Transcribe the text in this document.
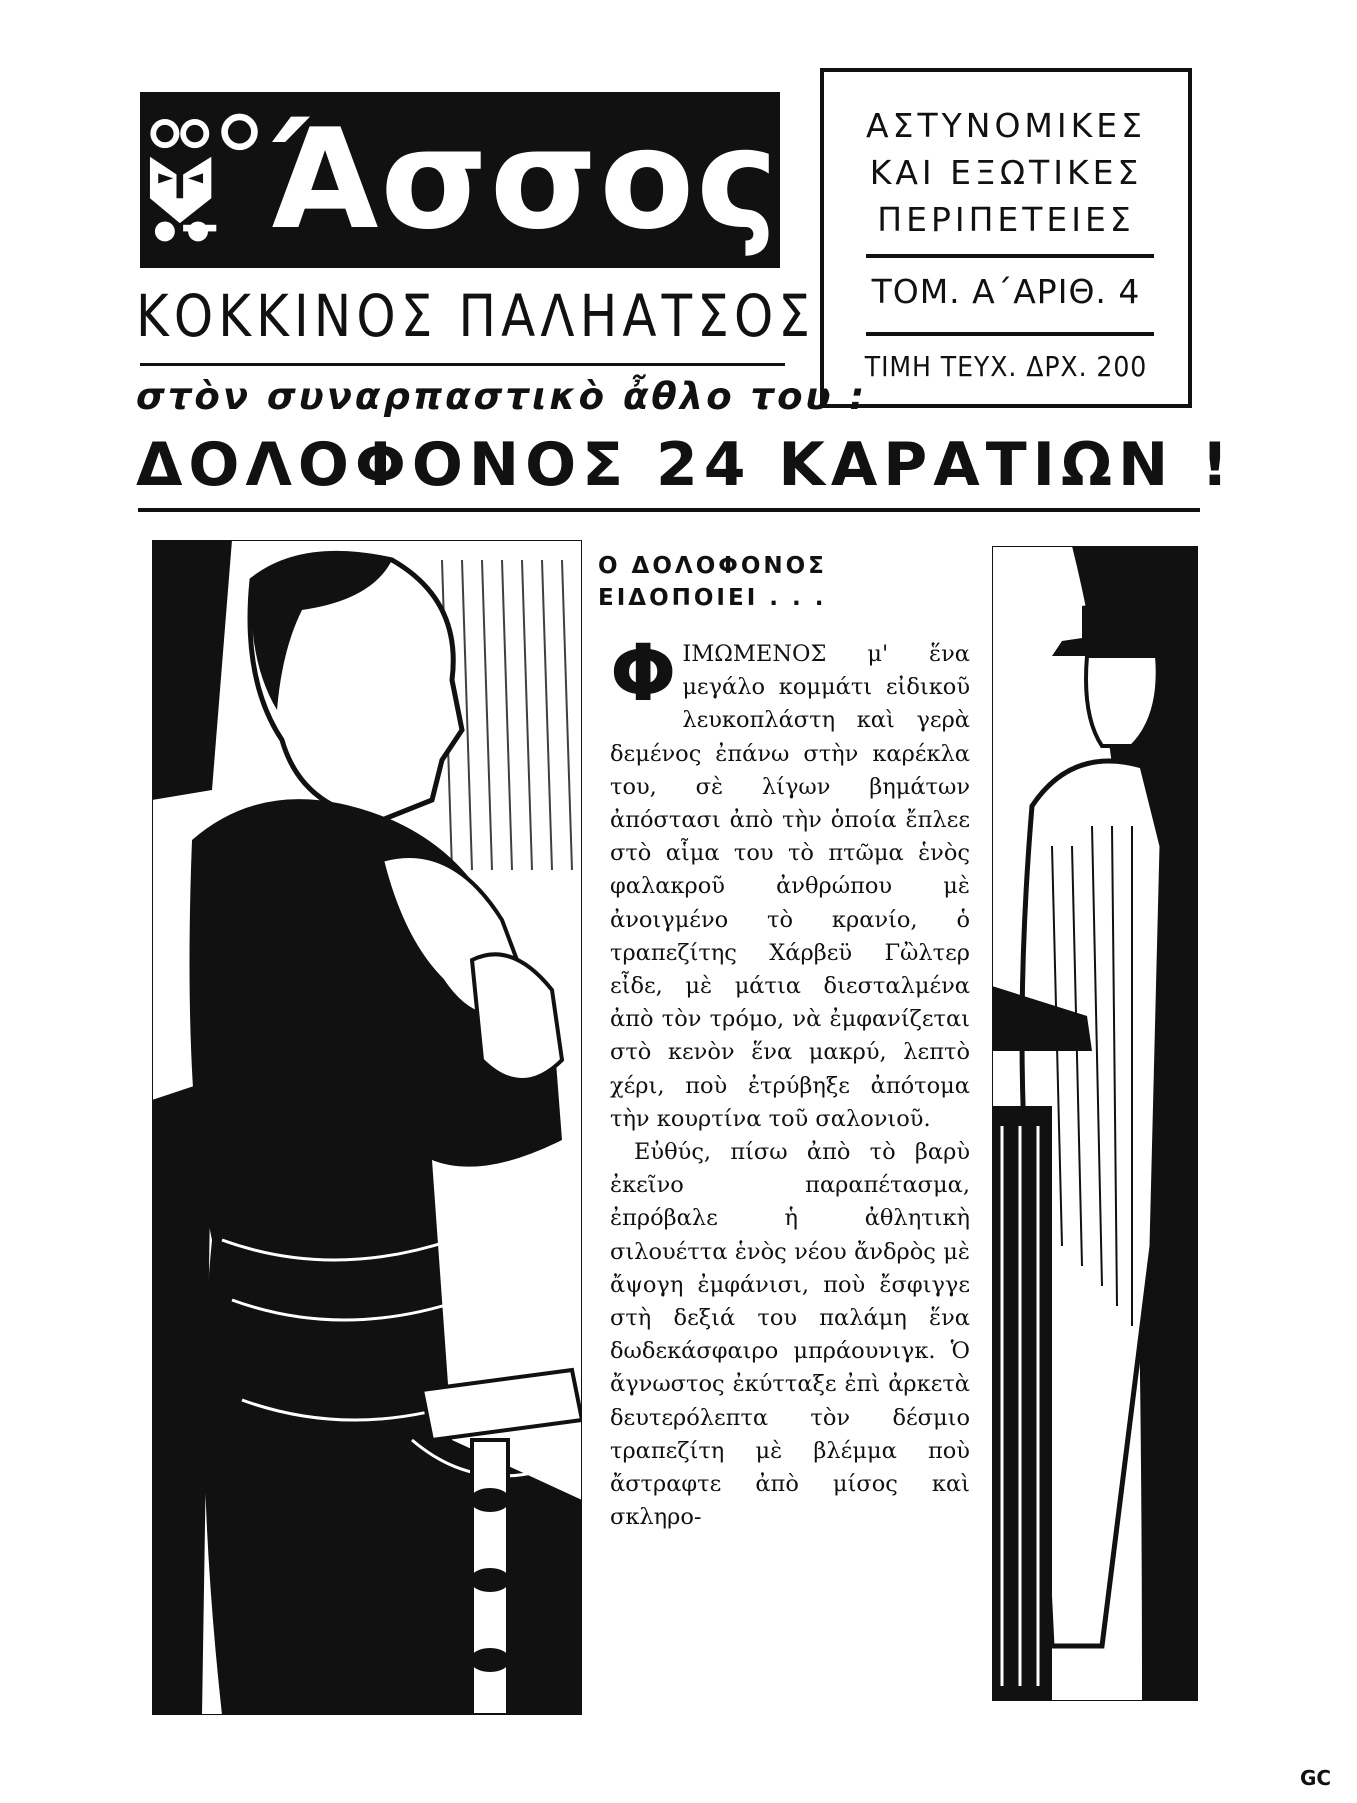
Άσσος
ΚΟΚΚΙΝΟΣ ΠΑΛΗΑΤΣΟΣ
στὸν συναρπαστικὸ ἆθλο του :
ΑΣΤΥΝΟΜΙΚΕΣ
ΚΑΙ ΕΞΩΤΙΚΕΣ
ΠΕΡΙΠΕΤΕΙΕΣ
ΤΟΜ. Α΄ΑΡΙΘ. 4
ΤΙΜΗ ΤΕΥΧ. ΔΡΧ. 200
ΔΟΛΟΦΟΝΟΣ 24 ΚΑΡΑΤΙΩΝ !
Ο ΔΟΛΟΦΟΝΟΣ ΕΙΔΟΠΟΙΕΙ . . .

ΦΙΜΩΜΕΝΟΣ μ' ἕνα μεγάλο κομμάτι εἰδικοῦ λευκοπλάστη καὶ γερὰ δεμένος ἐπάνω στὴν καρέκλα του, σὲ λίγων βημάτων ἀπόστασι ἀπὸ τὴν ὁποία ἔπλεε στὸ αἷμα του τὸ πτῶμα ἑνὸς φαλακροῦ ἀνθρώπου μὲ ἀνοιγμένο τὸ κρανίο, ὁ τραπεζίτης Χάρβεϋ Γὢλτερ εἶδε, μὲ μάτια διεσταλμένα ἀπὸ τὸν τρόμο, νὰ ἐμφανίζεται στὸ κενὸν ἕνα μακρύ, λεπτὸ χέρι, ποὺ ἐτρύβηξε ἀπότομα τὴν κουρτίνα τοῦ σαλονιοῦ.

Εὐθύς, πίσω ἀπὸ τὸ βαρὺ ἐκεῖνο παραπέτασμα, ἐπρόβαλε ἡ ἀθλητικὴ σιλουέττα ἑνὸς νέου ἄνδρὸς μὲ ἄψογη ἐμφάνισι, ποὺ ἔσφιγγε στὴ δεξιά του παλάμη ἕνα δωδεκάσφαιρο μπράουνιγκ. Ὁ ἄγνωστος ἐκύτταξε ἐπὶ ἀρκετὰ δευτερόλεπτα τὸν δέσμιο τραπεζίτη μὲ βλέμμα ποὺ ἄστραφτε ἀπὸ μίσος καὶ σκληρο-

GC
